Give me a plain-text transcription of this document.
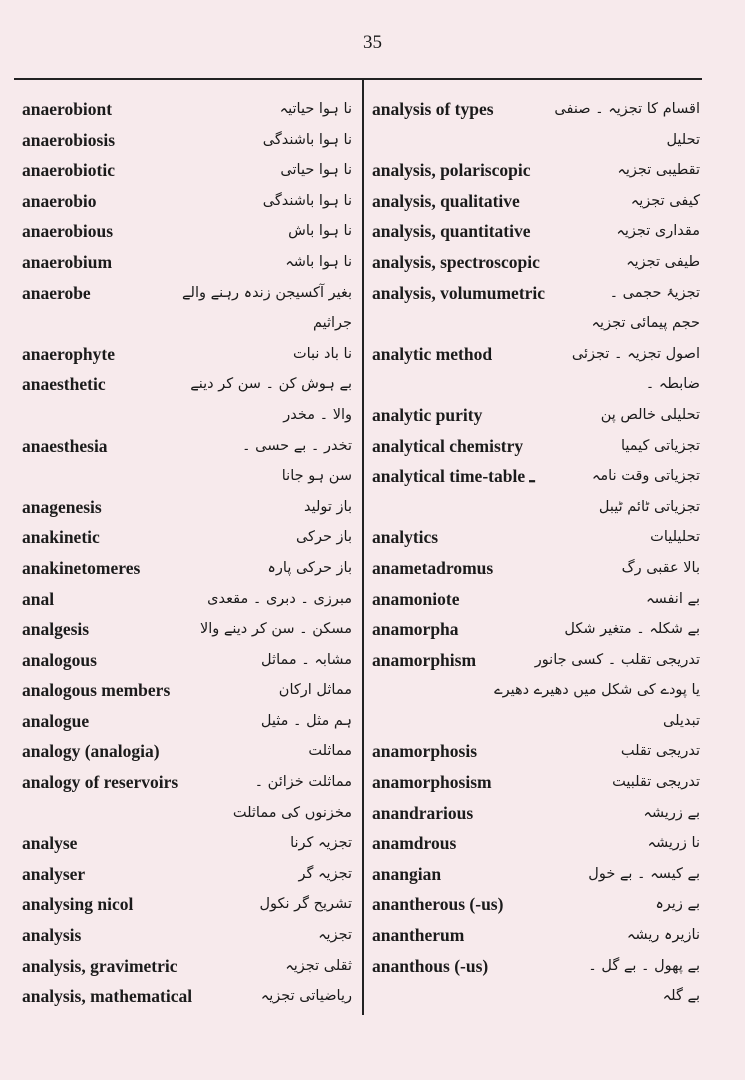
35
anaerobiont	نا ہوا حیاتیہ
anaerobiosis	نا ہوا باشندگی
anaerobiotic	نا ہوا حیاتی
anaerobio	نا ہوا باشندگی
anaerobious	نا ہوا باش
anaerobium	نا ہوا باشہ
anaerobe	بغیر آکسیجن زندہ رہنے والے
جراثیم
anaerophyte	نا باد نبات
anaesthetic	بے ہوش کن ۔ سن کر دینے
والا ۔ مخدر
anaesthesia	تخدر ۔ بے حسی ۔
سن ہو جانا
anagenesis	باز تولید
anakinetic	باز حرکی
anakinetomeres	باز حرکی پارہ
anal	مبرزی ۔ دبری ۔ مقعدی
analgesis	مسکن ۔ سن کر دینے والا
analogous	مشابہ ۔ مماثل
analogous members	مماثل ارکان
analogue	ہم مثل ۔ مثیل
analogy (analogia)	مماثلت
analogy of reservoirs	مماثلت خزائن ۔
مخزنوں کی مماثلت
analyse	تجزیہ کرنا
analyser	تجزیہ گر
analysing nicol	تشریح گر نکول
analysis	تجزیہ
analysis, gravimetric	ثقلی تجزیہ
analysis, mathematical	ریاضیاتی تجزیہ
analysis of types	اقسام کا تجزیہ ۔ صنفی
تحلیل
analysis, polariscopic	تقطیبی تجزیہ
analysis, qualitative	کیفی تجزیہ
analysis, quantitative	مقداری تجزیہ
analysis, spectroscopic	طیفی تجزیہ
analysis, volumumetric	تجزیۂ حجمی ۔
حجم پیمائی تجزیہ
analytic method	اصول تجزیہ ۔ تجزئی
ضابطہ ۔
analytic purity	تحلیلی خالص پن
analytical chemistry	تجزیاتی کیمیا
analytical time-table ـ	تجزیاتی وقت نامہ
تجزیاتی ٹائم ٹیبل
analytics	تحلیلیات
anametadromus	بالا عقبی رگ
anamoniote	بے انفسہ
anamorpha	بے شکلہ ۔ متغیر شکل
anamorphism	تدریجی تقلب ۔ کسی جانور
یا پودے کی شکل میں دھیرے دھیرے
تبدیلی
anamorphosis	تدریجی تقلب
anamorphosism	تدریجی تقلبیت
anandrarious	بے زریشہ
anamdrous	نا زریشہ
anangian	بے کیسہ ۔ بے خول
anantherous (-us)	بے زیرہ
anantherum	نازیرہ ریشہ
ananthous (-us)	بے پھول ۔ بے گل ۔
بے گلہ
